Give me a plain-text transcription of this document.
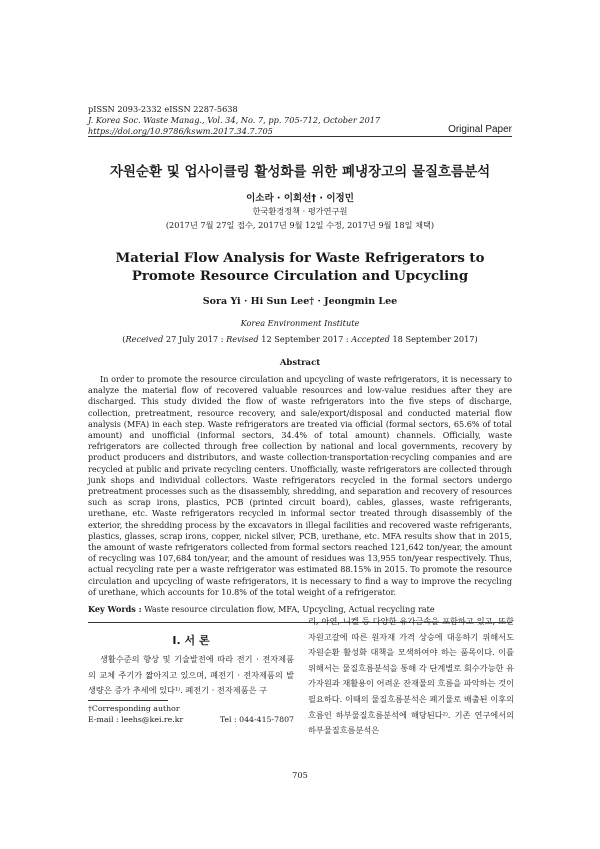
pISSN 2093-2332 eISSN 2287-5638
J. Korea Soc. Waste Manag., Vol. 34, No. 7, pp. 705-712, October 2017
https://doi.org/10.9786/kswm.2017.34.7.705	Original Paper
자원순환 및 업사이클링 활성화를 위한 폐냉장고의 물질흐름분석
이소라 · 이희선† · 이정민
한국환경정책 · 평가연구원
(2017년 7월 27일 접수, 2017년 9월 12일 수정, 2017년 9월 18일 채택)
Material Flow Analysis for Waste Refrigerators to Promote Resource Circulation and Upcycling
Sora Yi · Hi Sun Lee† · Jeongmin Lee
Korea Environment Institute
(Received 27 July 2017 : Revised 12 September 2017 : Accepted 18 September 2017)
Abstract

In order to promote the resource circulation and upcycling of waste refrigerators, it is necessary to analyze the material flow of recovered valuable resources and low-value residues after they are discharged. This study divided the flow of waste refrigerators into the five steps of discharge, collection, pretreatment, resource recovery, and sale/export/disposal and conducted material flow analysis (MFA) in each step. Waste refrigerators are treated via official (formal sectors, 65.6% of total amount) and unofficial (informal sectors, 34.4% of total amount) channels. Officially, waste refrigerators are collected through free collection by national and local governments, recovery by product producers and distributors, and waste collection·transportation·recycling companies and are recycled at public and private recycling centers. Unofficially, waste refrigerators are collected through junk shops and individual collectors. Waste refrigerators recycled in the formal sectors undergo pretreatment processes such as the disassembly, shredding, and separation and recovery of resources such as scrap irons, plastics, PCB (printed circuit board), cables, glasses, waste refrigerants, urethane, etc. Waste refrigerators recycled in informal sector treated through disassembly of the exterior, the shredding process by the excavators in illegal facilities and recovered waste refrigerants, plastics, glasses, scrap irons, copper, nickel silver, PCB, urethane, etc. MFA results show that in 2015, the amount of waste refrigerators collected from formal sectors reached 121,642 ton/year, the amount of recycling was 107,684 ton/year, and the amount of residues was 13,955 ton/year respectively. Thus, actual recycling rate per a waste refrigerator was estimated 88.15% in 2015. To promote the resource circulation and upcycling of waste refrigerators, it is necessary to find a way to improve the recycling of urethane, which accounts for 10.8% of the total weight of a refrigerator.

Key Words : Waste resource circulation flow, MFA, Upcycling, Actual recycling rate
I. 서 론

생활수준의 향상 및 기술발전에 따라 전기 · 전자제품의 교체 주기가 짧아지고 있으며, 폐전기 · 전자제품의 발생량은 증가 추세에 있다¹⁾. 폐전기 · 전자제품은 구

리, 아연, 니켈 등 다양한 유가금속을 포함하고 있고, 또한 자원고갈에 따른 원자재 가격 상승에 대응하기 위해서도 자원순환 활성화 대책을 모색하여야 하는 품목이다. 이를 위해서는 물질흐름분석을 통해 각 단계별로 회수가능한 유가자원과 재활용이 어려운 잔재물의 흐름을 파악하는 것이 필요하다. 이때의 물질흐름분석은 폐기물로 배출된 이후의 흐름인 하부물질흐름분석에 해당된다²⁾. 기존 연구에서의 하부물질흐름분석은

†Corresponding author
E-mail : leehs@kei.re.kr	Tel : 044-415-7807
705
